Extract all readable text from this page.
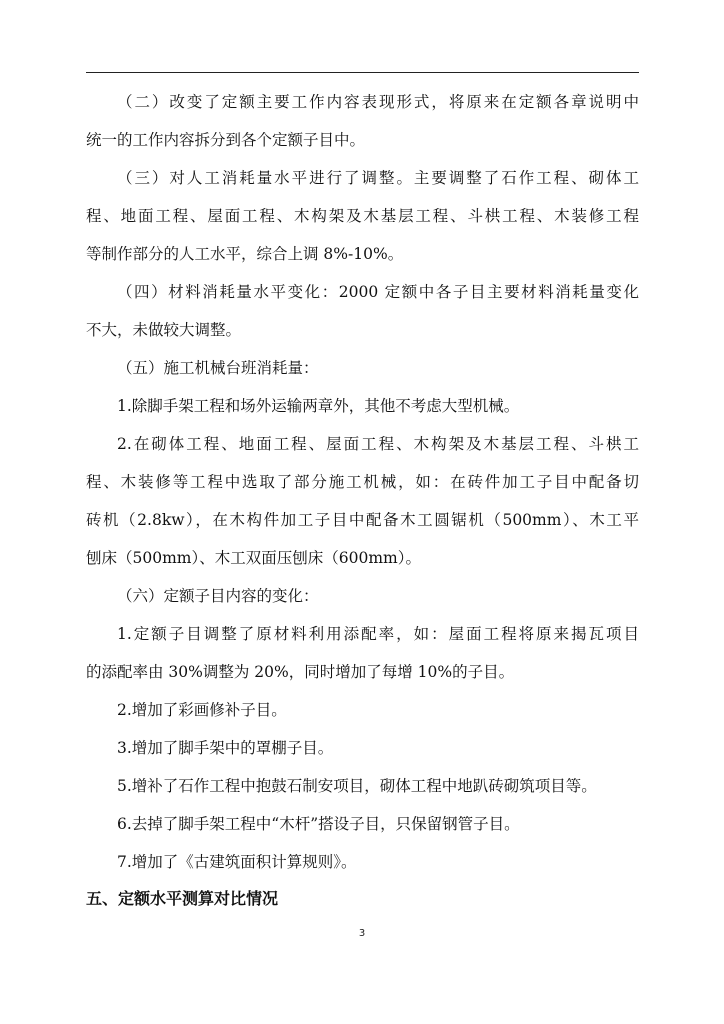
（二）改变了定额主要工作内容表现形式，将原来在定额各章说明中
统一的工作内容拆分到各个定额子目中。
（三）对人工消耗量水平进行了调整。主要调整了石作工程、砌体工
程、地面工程、屋面工程、木构架及木基层工程、斗栱工程、木装修工程
等制作部分的人工水平，综合上调 8%-10%。
（四）材料消耗量水平变化：2000 定额中各子目主要材料消耗量变化
不大，未做较大调整。
（五）施工机械台班消耗量：
1.除脚手架工程和场外运输两章外，其他不考虑大型机械。
2.在砌体工程、地面工程、屋面工程、木构架及木基层工程、斗栱工
程、木装修等工程中选取了部分施工机械，如：在砖件加工子目中配备切
砖机（2.8kw），在木构件加工子目中配备木工圆锯机（500mm）、木工平
刨床（500mm）、木工双面压刨床（600mm）。
（六）定额子目内容的变化：
1.定额子目调整了原材料利用添配率，如：屋面工程将原来揭瓦项目
的添配率由 30%调整为 20%，同时增加了每增 10%的子目。
2.增加了彩画修补子目。
3.增加了脚手架中的罩棚子目。
5.增补了石作工程中抱鼓石制安项目，砌体工程中地趴砖砌筑项目等。
6.去掉了脚手架工程中“木杆”搭设子目，只保留钢管子目。
7.增加了《古建筑面积计算规则》。
五、定额水平测算对比情况
3
